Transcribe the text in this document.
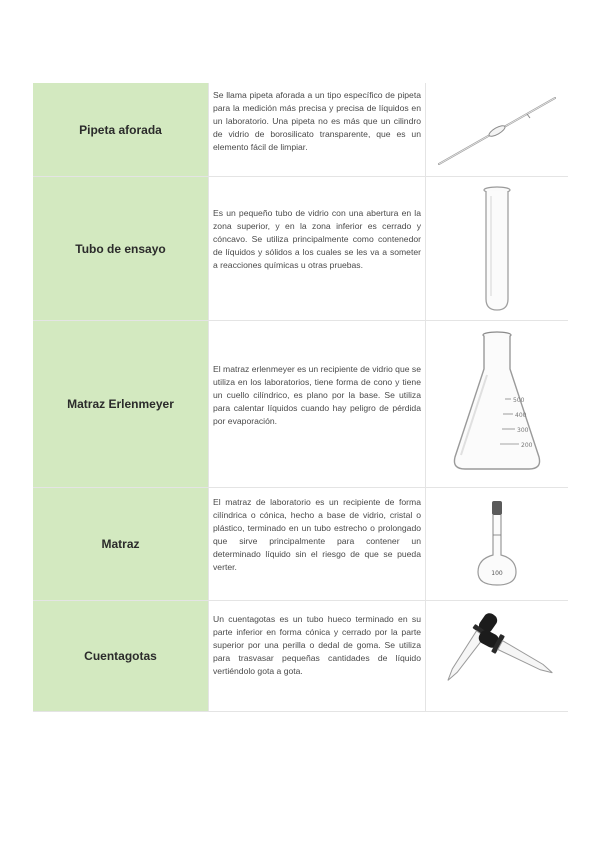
Pipeta aforada
Se llama pipeta aforada a un tipo específico de pipeta para la medición más precisa y precisa de líquidos en un laboratorio. Una pipeta no es más que un cilindro de vidrio de borosilicato transparente, que es un elemento fácil de limpiar.
Tubo de ensayo
Es un pequeño tubo de vidrio con una abertura en la zona superior, y en la zona inferior es cerrado y cóncavo. Se utiliza principalmente como contenedor de líquidos y sólidos a los cuales se les va a someter a reacciones químicas u otras pruebas.
Matraz Erlenmeyer
El matraz erlenmeyer es un recipiente de vidrio que se utiliza en los laboratorios, tiene forma de cono y tiene un cuello cilíndrico, es plano por la base. Se utiliza para calentar líquidos cuando hay peligro de pérdida por evaporación.
500
400
300
200
Matraz
El matraz de laboratorio es un recipiente de forma cilíndrica o cónica, hecho a base de vidrio, cristal o plástico, terminado en un tubo estrecho o prolongado que sirve principalmente para contener un determinado líquido sin el riesgo de que se pueda verter.
100
Cuentagotas
Un cuentagotas es un tubo hueco terminado en su parte inferior en forma cónica y cerrado por la parte superior por una perilla o dedal de goma. Se utiliza para trasvasar pequeñas cantidades de líquido vertiéndolo gota a gota.
